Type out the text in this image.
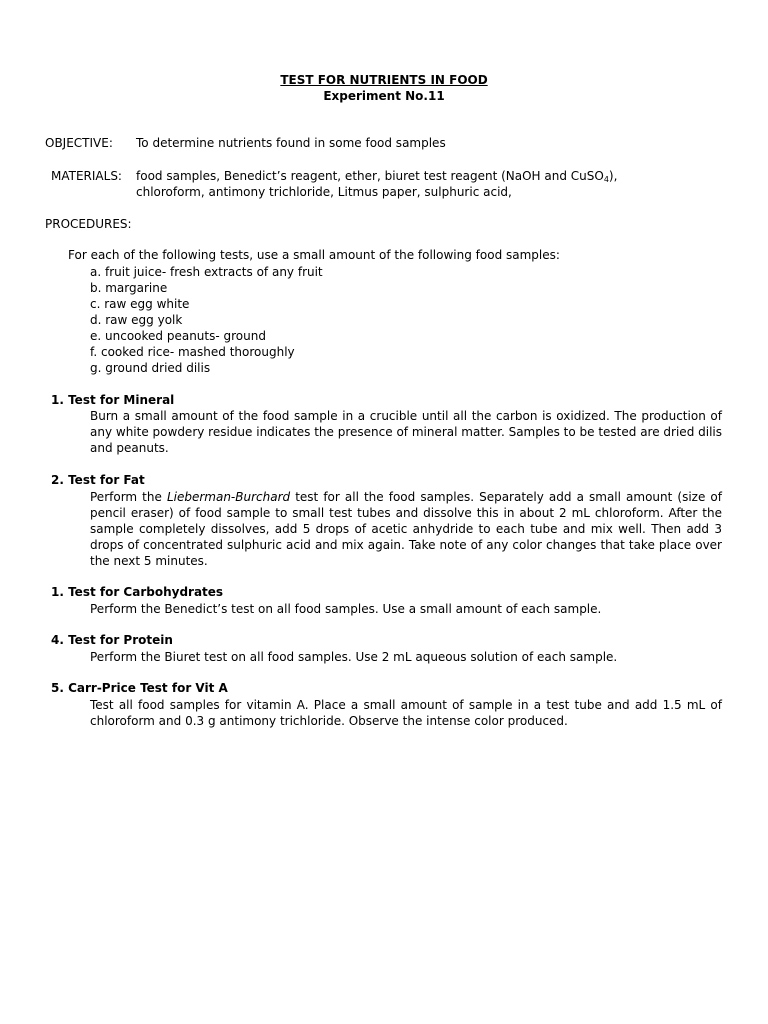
TEST FOR NUTRIENTS IN FOOD
Experiment No.11
OBJECTIVE: To determine nutrients found in some food samples
MATERIALS: food samples, Benedict’s reagent, ether, biuret test reagent (NaOH and CuSO$_4$),
chloroform, antimony trichloride, Litmus paper, sulphuric acid,
PROCEDURES:
For each of the following tests, use a small amount of the following food samples:
a. fruit juice- fresh extracts of any fruit
b. margarine
c. raw egg white
d. raw egg yolk
e. uncooked peanuts- ground
f. cooked rice- mashed thoroughly
g. ground dried dilis
1. Test for Mineral
Burn a small amount of the food sample in a crucible until all the carbon is oxidized. The production of any white powdery residue indicates the presence of mineral matter. Samples to be tested are dried dilis and peanuts.
2. Test for Fat
Perform the Lieberman-Burchard test for all the food samples. Separately add a small amount (size of pencil eraser) of food sample to small test tubes and dissolve this in about 2 mL chloroform. After the sample completely dissolves, add 5 drops of acetic anhydride to each tube and mix well. Then add 3 drops of concentrated sulphuric acid and mix again. Take note of any color changes that take place over the next 5 minutes.
1. Test for Carbohydrates
Perform the Benedict’s test on all food samples. Use a small amount of each sample.
4. Test for Protein
Perform the Biuret test on all food samples. Use 2 mL aqueous solution of each sample.
5. Carr-Price Test for Vit A
Test all food samples for vitamin A. Place a small amount of sample in a test tube and add 1.5 mL of chloroform and 0.3 g antimony trichloride. Observe the intense color produced.
